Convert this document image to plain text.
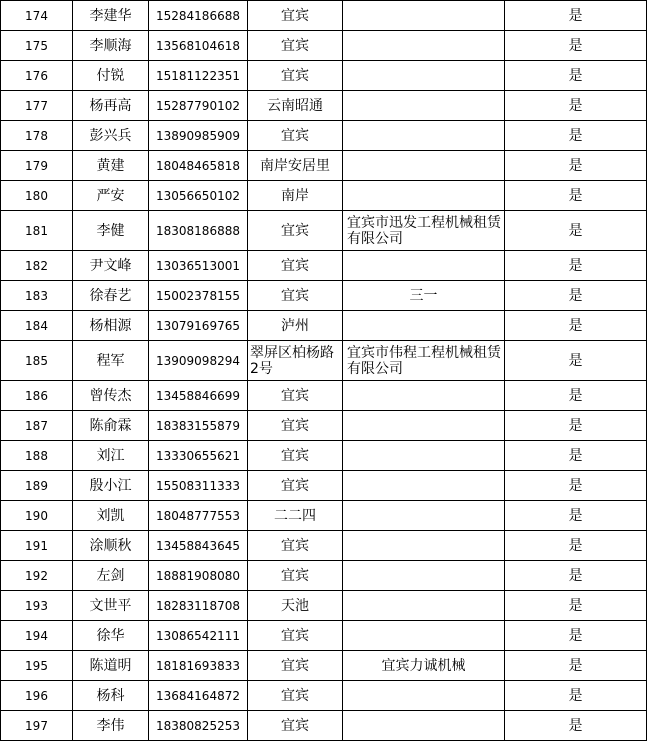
174	李建华	15284186688	宜宾		是
175	李顺海	13568104618	宜宾		是
176	付锐	15181122351	宜宾		是
177	杨再高	15287790102	云南昭通		是
178	彭兴兵	13890985909	宜宾		是
179	黄建	18048465818	南岸安居里		是
180	严安	13056650102	南岸		是
181	李健	18308186888	宜宾	宜宾市迅发工程机械租赁有限公司	是
182	尹文峰	13036513001	宜宾		是
183	徐春艺	15002378155	宜宾	三一	是
184	杨相源	13079169765	泸州		是
185	程军	13909098294	翠屏区柏杨路2号	宜宾市伟程工程机械租赁有限公司	是
186	曾传杰	13458846699	宜宾		是
187	陈俞霖	18383155879	宜宾		是
188	刘江	13330655621	宜宾		是
189	殷小江	15508311333	宜宾		是
190	刘凯	18048777553	二二四		是
191	涂顺秋	13458843645	宜宾		是
192	左剑	18881908080	宜宾		是
193	文世平	18283118708	天池		是
194	徐华	13086542111	宜宾		是
195	陈道明	18181693833	宜宾	宜宾力诚机械	是
196	杨科	13684164872	宜宾		是
197	李伟	18380825253	宜宾		是
